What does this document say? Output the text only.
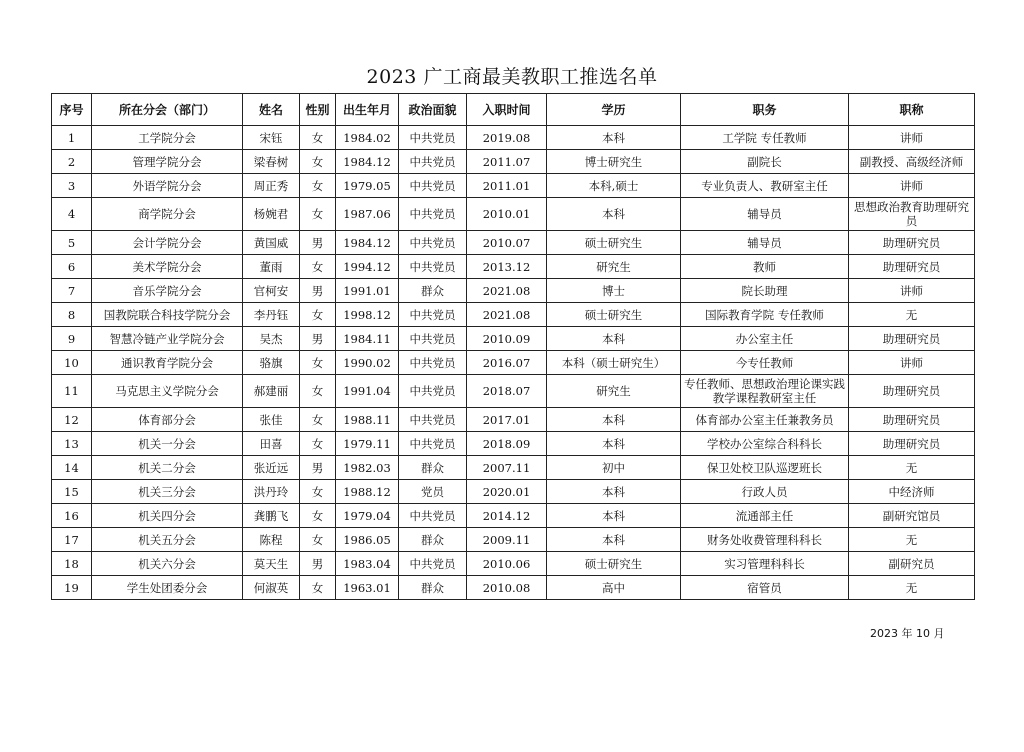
2023 广工商最美教职工推选名单
序号	所在分会（部门）	姓名	性别	出生年月	政治面貌	入职时间	学历	职务	职称
1	工学院分会	宋钰	女	1984.02	中共党员	2019.08	本科	工学院 专任教师	讲师
2	管理学院分会	梁春树	女	1984.12	中共党员	2011.07	博士研究生	副院长	副教授、高级经济师
3	外语学院分会	周正秀	女	1979.05	中共党员	2011.01	本科,硕士	专业负责人、教研室主任	讲师
4	商学院分会	杨婉君	女	1987.06	中共党员	2010.01	本科	辅导员	思想政治教育助理研究员
5	会计学院分会	黄国威	男	1984.12	中共党员	2010.07	硕士研究生	辅导员	助理研究员
6	美术学院分会	董雨	女	1994.12	中共党员	2013.12	研究生	教师	助理研究员
7	音乐学院分会	官柯安	男	1991.01	群众	2021.08	博士	院长助理	讲师
8	国教院联合科技学院分会	李丹钰	女	1998.12	中共党员	2021.08	硕士研究生	国际教育学院 专任教师	无
9	智慧冷链产业学院分会	吴杰	男	1984.11	中共党员	2010.09	本科	办公室主任	助理研究员
10	通识教育学院分会	骆旗	女	1990.02	中共党员	2016.07	本科（硕士研究生）	今专任教师	讲师
11	马克思主义学院分会	郝建丽	女	1991.04	中共党员	2018.07	研究生	专任教师、思想政治理论课实践教学课程教研室主任	助理研究员
12	体育部分会	张佳	女	1988.11	中共党员	2017.01	本科	体育部办公室主任兼教务员	助理研究员
13	机关一分会	田喜	女	1979.11	中共党员	2018.09	本科	学校办公室综合科科长	助理研究员
14	机关二分会	张近远	男	1982.03	群众	2007.11	初中	保卫处校卫队巡逻班长	无
15	机关三分会	洪丹玲	女	1988.12	党员	2020.01	本科	行政人员	中经济师
16	机关四分会	龚鹏飞	女	1979.04	中共党员	2014.12	本科	流通部主任	副研究馆员
17	机关五分会	陈程	女	1986.05	群众	2009.11	本科	财务处收费管理科科长	无
18	机关六分会	莫天生	男	1983.04	中共党员	2010.06	硕士研究生	实习管理科科长	副研究员
19	学生处团委分会	何淑英	女	1963.01	群众	2010.08	高中	宿管员	无
2023 年 10 月
